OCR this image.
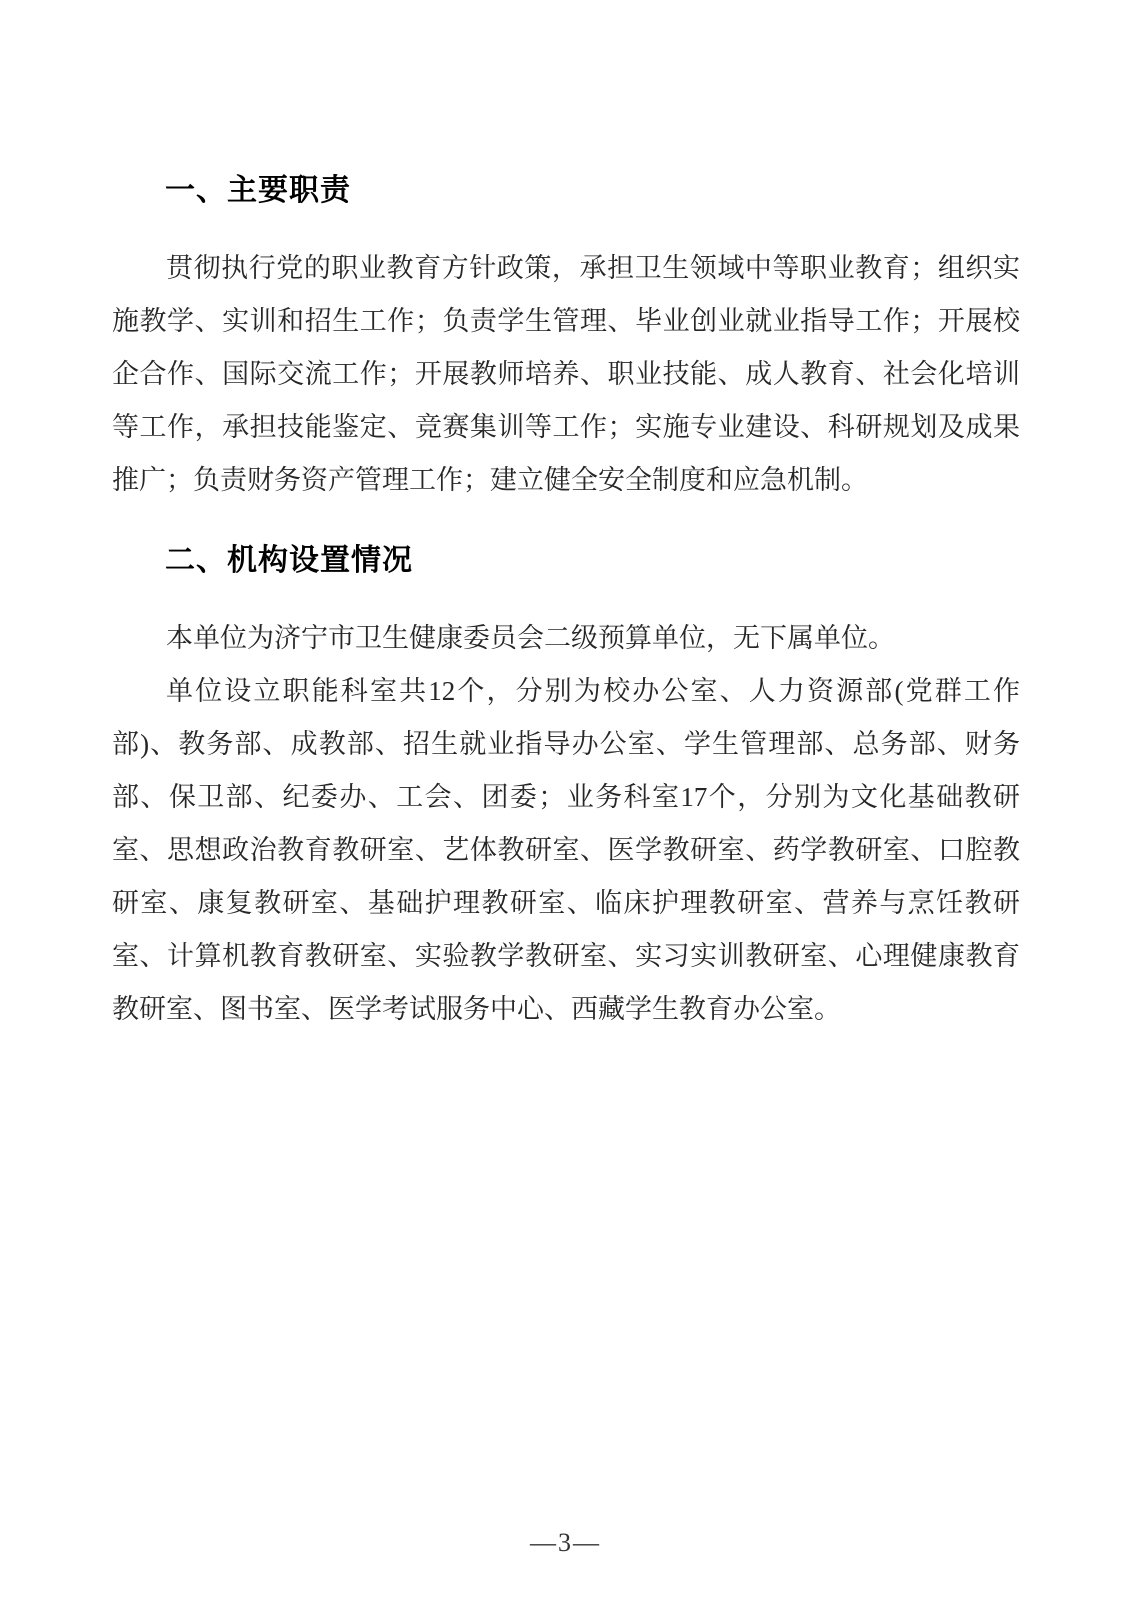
一、主要职责

贯彻执行党的职业教育方针政策，承担卫生领域中等职业教育；组织实施教学、实训和招生工作；负责学生管理、毕业创业就业指导工作；开展校企合作、国际交流工作；开展教师培养、职业技能、成人教育、社会化培训等工作，承担技能鉴定、竞赛集训等工作；实施专业建设、科研规划及成果推广；负责财务资产管理工作；建立健全安全制度和应急机制。

二、机构设置情况

本单位为济宁市卫生健康委员会二级预算单位，无下属单位。

单位设立职能科室共12个，分别为校办公室、人力资源部(党群工作部)、教务部、成教部、招生就业指导办公室、学生管理部、总务部、财务部、保卫部、纪委办、工会、团委；业务科室17个，分别为文化基础教研室、思想政治教育教研室、艺体教研室、医学教研室、药学教研室、口腔教研室、康复教研室、基础护理教研室、临床护理教研室、营养与烹饪教研室、计算机教育教研室、实验教学教研室、实习实训教研室、心理健康教育教研室、图书室、医学考试服务中心、西藏学生教育办公室。

—3—
